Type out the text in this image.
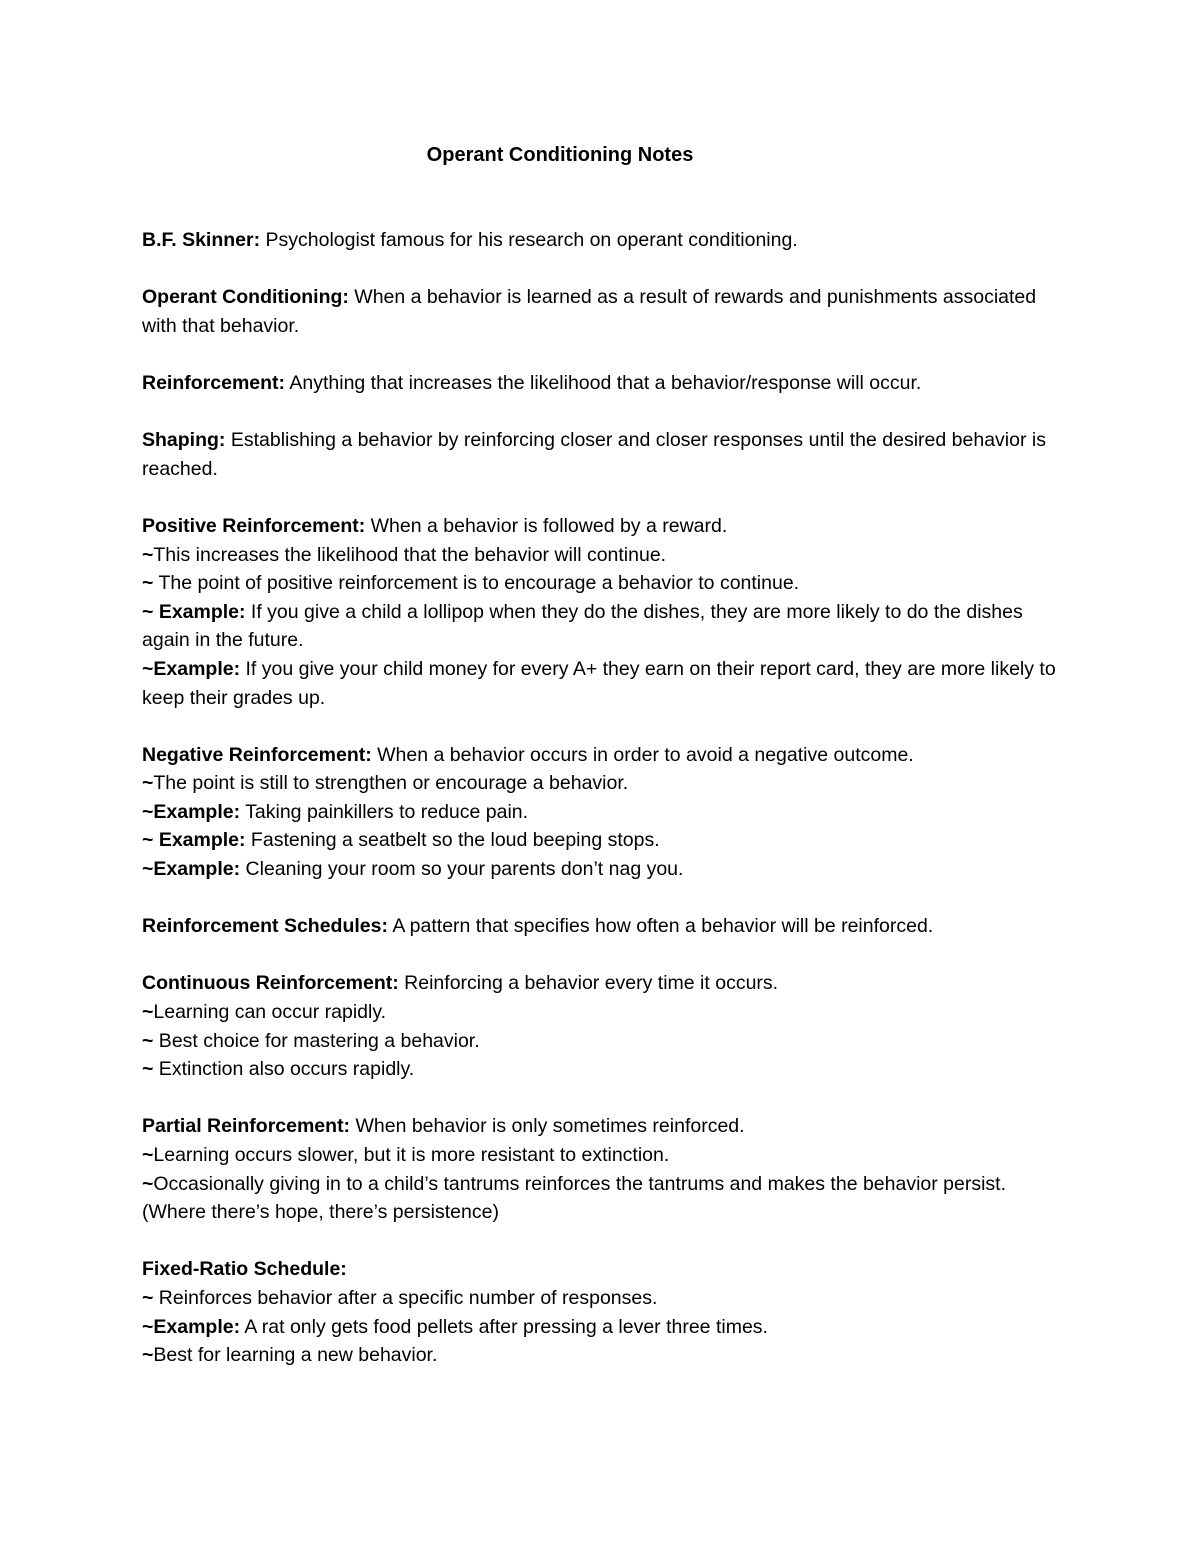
Operant Conditioning Notes

B.F. Skinner: Psychologist famous for his research on operant conditioning.

Operant Conditioning: When a behavior is learned as a result of rewards and punishments associated with that behavior.

Reinforcement: Anything that increases the likelihood that a behavior/response will occur.

Shaping: Establishing a behavior by reinforcing closer and closer responses until the desired behavior is reached.

Positive Reinforcement: When a behavior is followed by a reward.

~This increases the likelihood that the behavior will continue.

~ The point of positive reinforcement is to encourage a behavior to continue.

~ Example: If you give a child a lollipop when they do the dishes, they are more likely to do the dishes again in the future.

~Example: If you give your child money for every A+ they earn on their report card, they are more likely to keep their grades up.

Negative Reinforcement: When a behavior occurs in order to avoid a negative outcome.

~The point is still to strengthen or encourage a behavior.

~Example: Taking painkillers to reduce pain.

~ Example: Fastening a seatbelt so the loud beeping stops.

~Example: Cleaning your room so your parents don’t nag you.

Reinforcement Schedules: A pattern that specifies how often a behavior will be reinforced.

Continuous Reinforcement: Reinforcing a behavior every time it occurs.

~Learning can occur rapidly.

~ Best choice for mastering a behavior.

~ Extinction also occurs rapidly.

Partial Reinforcement: When behavior is only sometimes reinforced.

~Learning occurs slower, but it is more resistant to extinction.

~Occasionally giving in to a child’s tantrums reinforces the tantrums and makes the behavior persist. (Where there’s hope, there’s persistence)

Fixed-Ratio Schedule:

~ Reinforces behavior after a specific number of responses.

~Example: A rat only gets food pellets after pressing a lever three times.

~Best for learning a new behavior.
